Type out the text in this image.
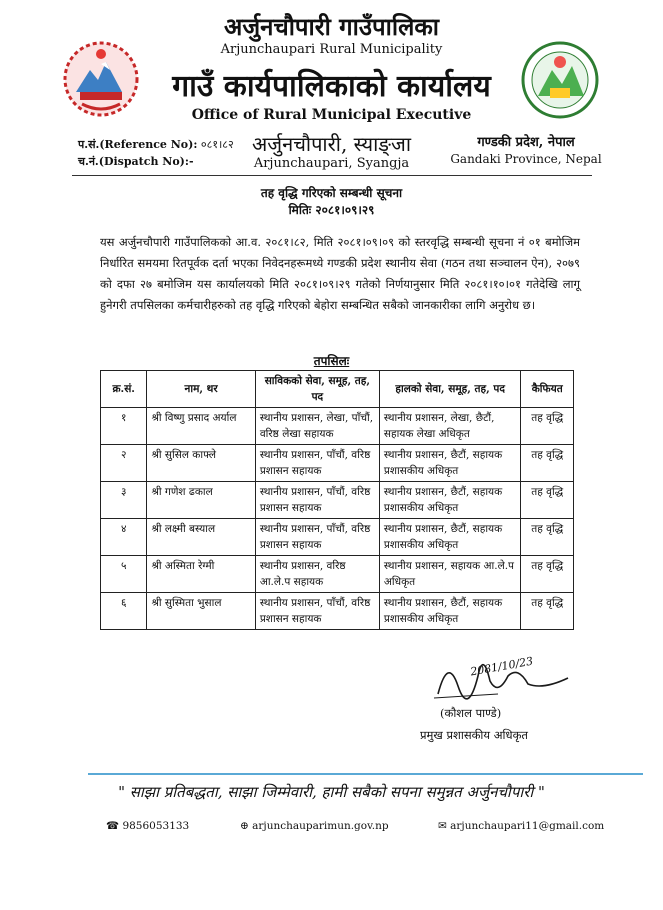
अर्जुनचौपारी गाउँपालिका
Arjunchaupari Rural Municipality
गाउँ कार्यपालिकाको कार्यालय
Office of Rural Municipal Executive
अर्जुनचौपारी, स्याङ्जा
Arjunchaupari, Syangja
प.सं.(Reference No): ०८१।८२
च.नं.(Dispatch No):-
गण्डकी प्रदेश, नेपाल
Gandaki Province, Nepal
तह वृद्धि गरिएको सम्बन्धी सूचना
मितिः २०८१।०९।२९
यस अर्जुनचौपारी गाउँपालिकको आ.व. २०८१।८२, मिति २०८१।०९।०९ को स्तरवृद्धि सम्बन्धी सूचना नं ०१ बमोजिम निर्धारित समयमा रितपूर्वक दर्ता भएका निवेदनहरूमध्ये गण्डकी प्रदेश स्थानीय सेवा (गठन तथा सञ्चालन ऐन), २०७९ को दफा २७ बमोजिम यस कार्यालयको मिति २०८१।०९।२९ गतेको निर्णयानुसार मिति २०८१।१०।०१ गतेदेखि लागू हुनेगरी तपसिलका कर्मचारीहरुको तह वृद्धि गरिएको बेहोरा सम्बन्धित सबैको जानकारीका लागि अनुरोध छ।
तपसिलः
क्र.सं.	नाम, थर	साविकको सेवा, समूह, तह, पद	हालको सेवा, समूह, तह, पद	कैफियत
१	श्री विष्णु प्रसाद अर्याल	स्थानीय प्रशासन, लेखा, पाँचौं, वरिष्ठ लेखा सहायक	स्थानीय प्रशासन, लेखा, छैटौं, सहायक लेखा अधिकृत	तह वृद्धि
२	श्री सुसिल काफ्ले	स्थानीय प्रशासन, पाँचौं, वरिष्ठ प्रशासन सहायक	स्थानीय प्रशासन, छैटौं, सहायक प्रशासकीय अधिकृत	तह वृद्धि
३	श्री गणेश ढकाल	स्थानीय प्रशासन, पाँचौं, वरिष्ठ प्रशासन सहायक	स्थानीय प्रशासन, छैटौं, सहायक प्रशासकीय अधिकृत	तह वृद्धि
४	श्री लक्ष्मी बस्याल	स्थानीय प्रशासन, पाँचौं, वरिष्ठ प्रशासन सहायक	स्थानीय प्रशासन, छैटौं, सहायक प्रशासकीय अधिकृत	तह वृद्धि
५	श्री अस्मिता रेग्मी	स्थानीय प्रशासन, वरिष्ठ आ.ले.प सहायक	स्थानीय प्रशासन, सहायक आ.ले.प अधिकृत	तह वृद्धि
६	श्री सुस्मिता भुसाल	स्थानीय प्रशासन, पाँचौं, वरिष्ठ प्रशासन सहायक	स्थानीय प्रशासन, छैटौं, सहायक प्रशासकीय अधिकृत	तह वृद्धि
2081/10/23
(कौशल पाण्डे)
प्रमुख प्रशासकीय अधिकृत
" साझा प्रतिबद्धता, साझा जिम्मेवारी, हामी सबैको सपना समुन्नत अर्जुनचौपारी "
☎ 9856053133	⊕ arjunchauparimun.gov.np	✉ arjunchaupari11@gmail.com
